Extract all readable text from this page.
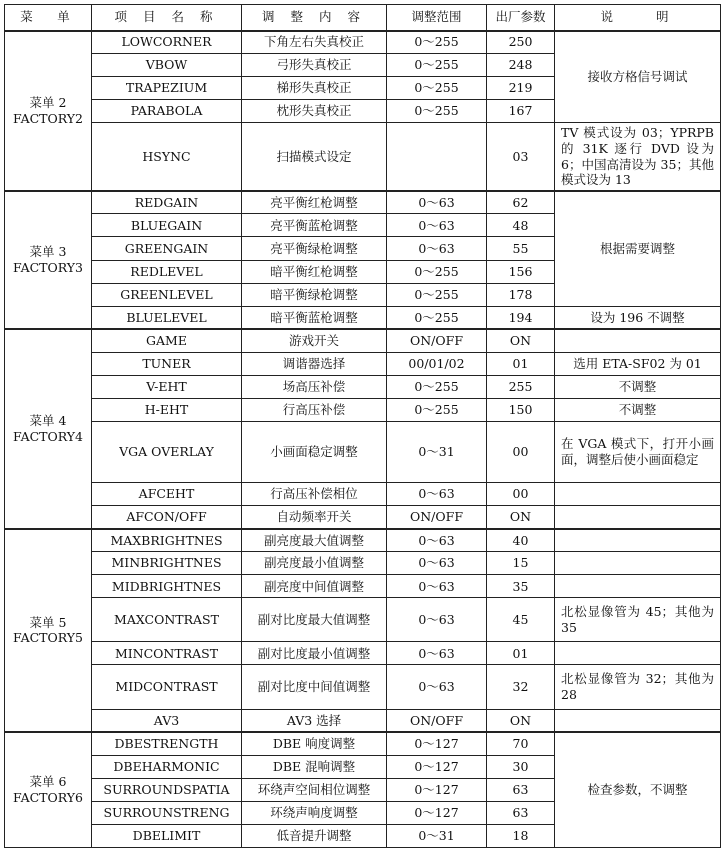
菜　单	项 目 名 称	调 整 内 容	调整范围	出厂参数	说　　明

菜单 2
FACTORY2	LOWCORNER	下角左右失真校正	0～255	250	接收方格信号调试
	VBOW	弓形失真校正	0～255	248	
	TRAPEZIUM	梯形失真校正	0～255	219	
	PARABOLA	枕形失真校正	0～255	167	
	HSYNC	扫描模式设定		03	TV 模式设为 03；YPRPB 的 31K 逐行 DVD 设为 6；中国高清设为 35；其他模式设为 13

菜单 3
FACTORY3	REDGAIN	亮平衡红枪调整	0～63	62	根据需要调整
	BLUEGAIN	亮平衡蓝枪调整	0～63	48	
	GREENGAIN	亮平衡绿枪调整	0～63	55	
	REDLEVEL	暗平衡红枪调整	0～255	156	
	GREENLEVEL	暗平衡绿枪调整	0～255	178	
	BLUELEVEL	暗平衡蓝枪调整	0～255	194	设为 196 不调整

菜单 4
FACTORY4	GAME	游戏开关	ON/OFF	ON	
	TUNER	调谐器选择	00/01/02	01	选用 ETA-SF02 为 01
	V-EHT	场高压补偿	0～255	255	不调整
	H-EHT	行高压补偿	0～255	150	不调整
	VGA OVERLAY	小画面稳定调整	0～31	00	在 VGA 模式下，打开小画面，调整后使小画面稳定
	AFCEHT	行高压补偿相位	0～63	00	
	AFCON/OFF	自动频率开关	ON/OFF	ON	

菜单 5
FACTORY5	MAXBRIGHTNES	副亮度最大值调整	0～63	40	
	MINBRIGHTNES	副亮度最小值调整	0～63	15	
	MIDBRIGHTNES	副亮度中间值调整	0～63	35	
	MAXCONTRAST	副对比度最大值调整	0～63	45	北松显像管为 45；其他为 35
	MINCONTRAST	副对比度最小值调整	0～63	01	
	MIDCONTRAST	副对比度中间值调整	0～63	32	北松显像管为 32；其他为 28
	AV3	AV3 选择	ON/OFF	ON	

菜单 6
FACTORY6	DBESTRENGTH	DBE 响度调整	0～127	70	检查参数，不调整
	DBEHARMONIC	DBE 混响调整	0～127	30	
	SURROUNDSPATIA	环绕声空间相位调整	0～127	63	
	SURROUNSTRENG	环绕声响度调整	0～127	63	
	DBELIMIT	低音提升调整	0～31	18	
